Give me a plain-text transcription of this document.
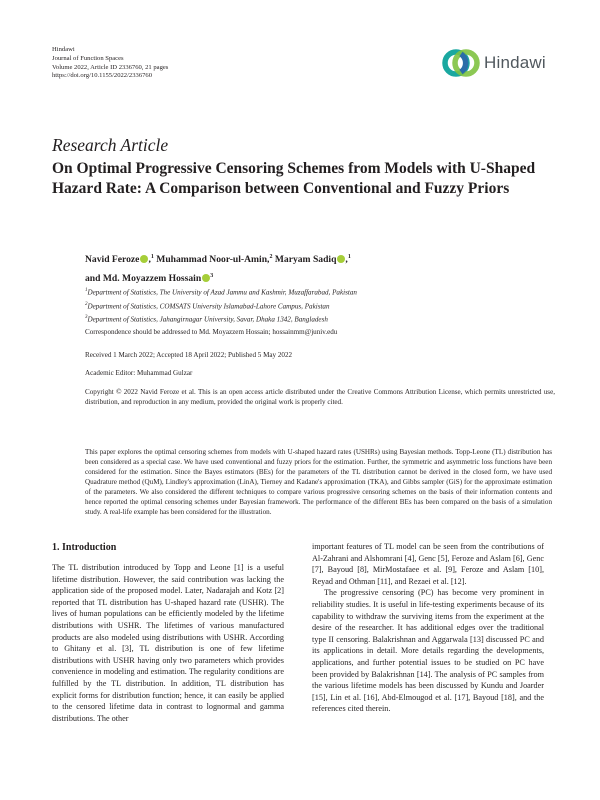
Hindawi
Journal of Function Spaces
Volume 2022, Article ID 2336760, 21 pages
https://doi.org/10.1155/2022/2336760
Hindawi
Research Article
On Optimal Progressive Censoring Schemes from Models with U-Shaped Hazard Rate: A Comparison between Conventional and Fuzzy Priors
Navid Feroze ,$^1$ Muhammad Noor-ul-Amin,$^2$ Maryam Sadiq ,$^1$
and Md. Moyazzem Hossain $^3$
$^1$Department of Statistics, The University of Azad Jammu and Kashmir, Muzaffarabad, Pakistan
$^2$Department of Statistics, COMSATS University Islamabad-Lahore Campus, Pakistan
$^3$Department of Statistics, Jahangirnagar University, Savar, Dhaka 1342, Bangladesh
Correspondence should be addressed to Md. Moyazzem Hossain; hossainmm@juniv.edu
Received 1 March 2022; Accepted 18 April 2022; Published 5 May 2022
Academic Editor: Muhammad Gulzar
Copyright © 2022 Navid Feroze et al. This is an open access article distributed under the Creative Commons Attribution License, which permits unrestricted use, distribution, and reproduction in any medium, provided the original work is properly cited.
This paper explores the optimal censoring schemes from models with U-shaped hazard rates (USHRs) using Bayesian methods. Topp-Leone (TL) distribution has been considered as a special case. We have used conventional and fuzzy priors for the estimation. Further, the symmetric and asymmetric loss functions have been considered for the estimation. Since the Bayes estimators (BEs) for the parameters of the TL distribution cannot be derived in the closed form, we have used Quadrature method (QuM), Lindley's approximation (LinA), Tierney and Kadane's approximation (TKA), and Gibbs sampler (GiS) for the approximate estimation of the parameters. We also considered the different techniques to compare various progressive censoring schemes on the basis of their information contents and hence reported the optimal censoring schemes under Bayesian framework. The performance of the different BEs has been compared on the basis of a simulation study. A real-life example has been considered for the illustration.
1. Introduction

The TL distribution introduced by Topp and Leone [1] is a useful lifetime distribution. However, the said contribution was lacking the application side of the proposed model. Later, Nadarajah and Kotz [2] reported that TL distribution has U-shaped hazard rate (USHR). The lives of human populations can be efficiently modeled by the lifetime distributions with USHR. The lifetimes of various manufactured products are also modeled using distributions with USHR. According to Ghitany et al. [3], TL distribution is one of few lifetime distributions with USHR having only two parameters which provides convenience in modeling and estimation. The regularity conditions are fulfilled by the TL distribution. In addition, TL distribution has explicit forms for distribution function; hence, it can easily be applied to the censored lifetime data in contrast to lognormal and gamma distributions. The other

important features of TL model can be seen from the contributions of Al-Zahrani and Alshomrani [4], Genc [5], Feroze and Aslam [6], Genc [7], Bayoud [8], MirMostafaee et al. [9], Feroze and Aslam [10], Reyad and Othman [11], and Rezaei et al. [12].

The progressive censoring (PC) has become very prominent in reliability studies. It is useful in life-testing experiments because of its capability to withdraw the surviving items from the experiment at the desire of the researcher. It has additional edges over the traditional type II censoring. Balakrishnan and Aggarwala [13] discussed PC and its applications in detail. More details regarding the developments, applications, and further potential issues to be studied on PC have been provided by Balakrishnan [14]. The analysis of PC samples from the various lifetime models has been discussed by Kundu and Joarder [15], Lin et al. [16], Abd-Elmougod et al. [17], Bayoud [18], and the references cited therein.
